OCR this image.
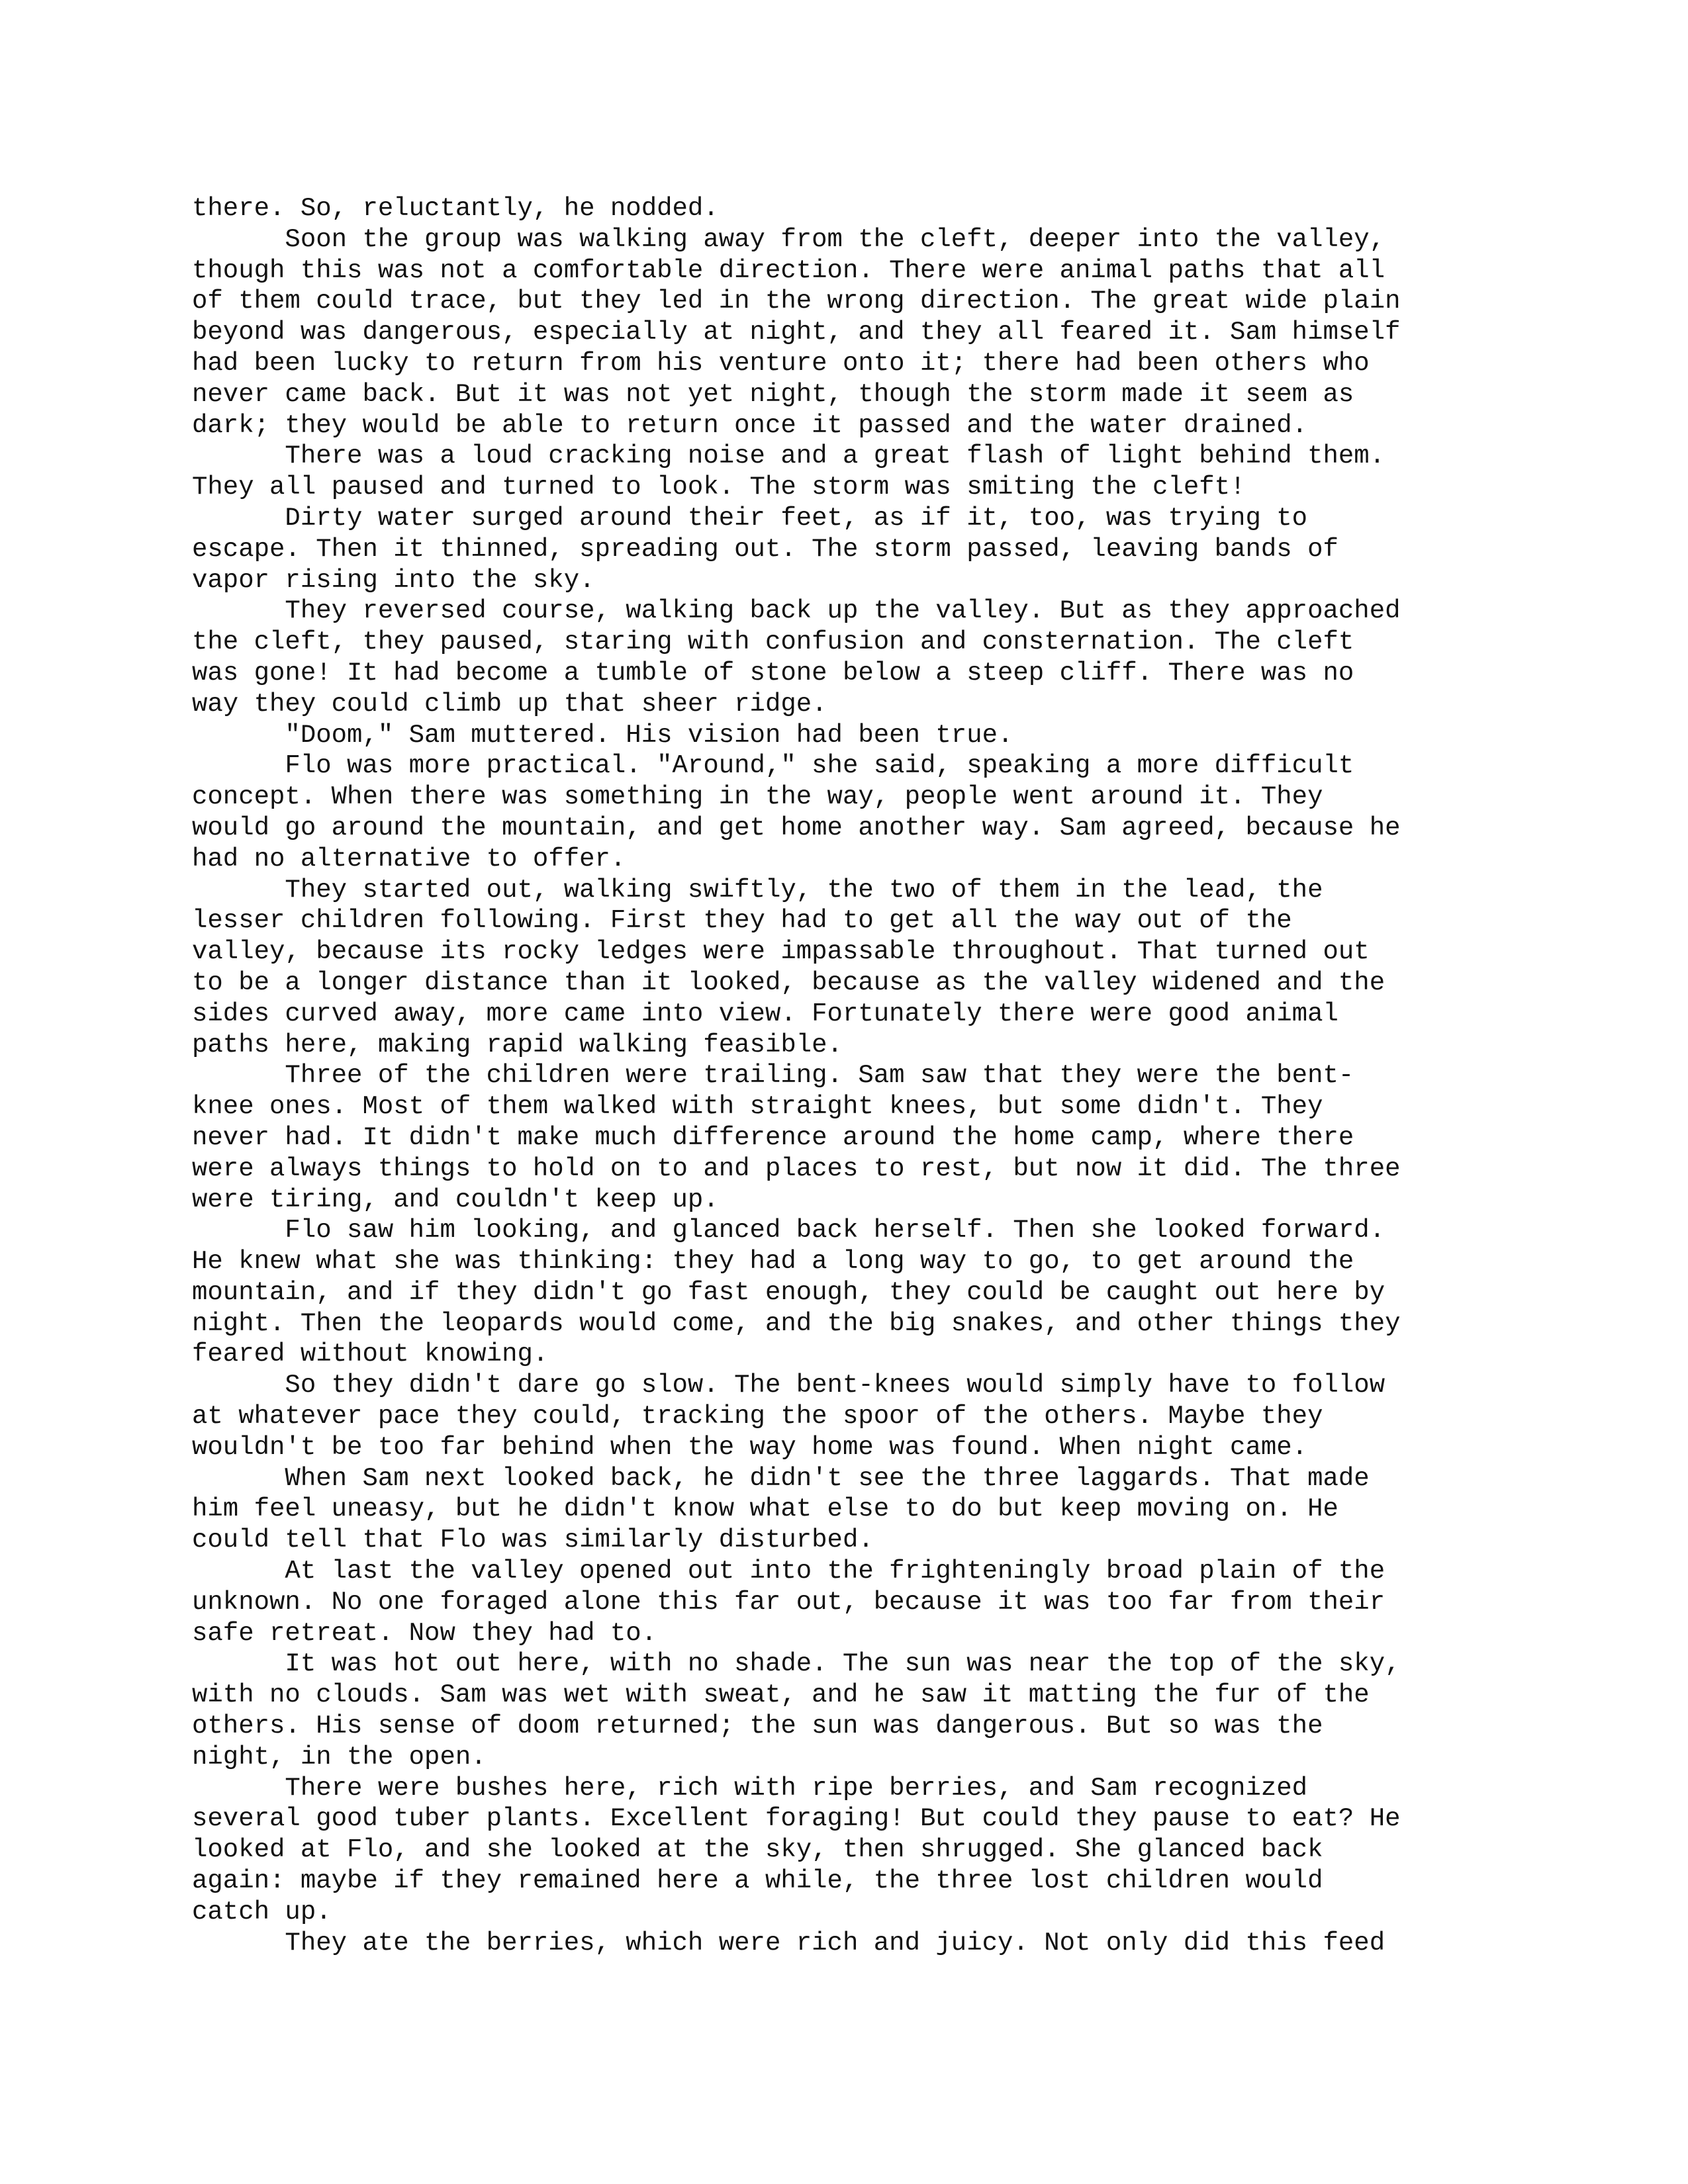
there. So, reluctantly, he nodded.

Soon the group was walking away from the cleft, deeper into the valley,

though this was not a comfortable direction. There were animal paths that all

of them could trace, but they led in the wrong direction. The great wide plain

beyond was dangerous, especially at night, and they all feared it. Sam himself

had been lucky to return from his venture onto it; there had been others who

never came back. But it was not yet night, though the storm made it seem as

dark; they would be able to return once it passed and the water drained.

There was a loud cracking noise and a great flash of light behind them.

They all paused and turned to look. The storm was smiting the cleft!

Dirty water surged around their feet, as if it, too, was trying to

escape. Then it thinned, spreading out. The storm passed, leaving bands of

vapor rising into the sky.

They reversed course, walking back up the valley. But as they approached

the cleft, they paused, staring with confusion and consternation. The cleft

was gone! It had become a tumble of stone below a steep cliff. There was no

way they could climb up that sheer ridge.

"Doom," Sam muttered. His vision had been true.

Flo was more practical. "Around," she said, speaking a more difficult

concept. When there was something in the way, people went around it. They

would go around the mountain, and get home another way. Sam agreed, because he

had no alternative to offer.

They started out, walking swiftly, the two of them in the lead, the

lesser children following. First they had to get all the way out of the

valley, because its rocky ledges were impassable throughout. That turned out

to be a longer distance than it looked, because as the valley widened and the

sides curved away, more came into view. Fortunately there were good animal

paths here, making rapid walking feasible.

Three of the children were trailing. Sam saw that they were the bent-

knee ones. Most of them walked with straight knees, but some didn't. They

never had. It didn't make much difference around the home camp, where there

were always things to hold on to and places to rest, but now it did. The three

were tiring, and couldn't keep up.

Flo saw him looking, and glanced back herself. Then she looked forward.

He knew what she was thinking: they had a long way to go, to get around the

mountain, and if they didn't go fast enough, they could be caught out here by

night. Then the leopards would come, and the big snakes, and other things they

feared without knowing.

So they didn't dare go slow. The bent-knees would simply have to follow

at whatever pace they could, tracking the spoor of the others. Maybe they

wouldn't be too far behind when the way home was found. When night came.

When Sam next looked back, he didn't see the three laggards. That made

him feel uneasy, but he didn't know what else to do but keep moving on. He

could tell that Flo was similarly disturbed.

At last the valley opened out into the frighteningly broad plain of the

unknown. No one foraged alone this far out, because it was too far from their

safe retreat. Now they had to.

It was hot out here, with no shade. The sun was near the top of the sky,

with no clouds. Sam was wet with sweat, and he saw it matting the fur of the

others. His sense of doom returned; the sun was dangerous. But so was the

night, in the open.

There were bushes here, rich with ripe berries, and Sam recognized

several good tuber plants. Excellent foraging! But could they pause to eat? He

looked at Flo, and she looked at the sky, then shrugged. She glanced back

again: maybe if they remained here a while, the three lost children would

catch up.

They ate the berries, which were rich and juicy. Not only did this feed
